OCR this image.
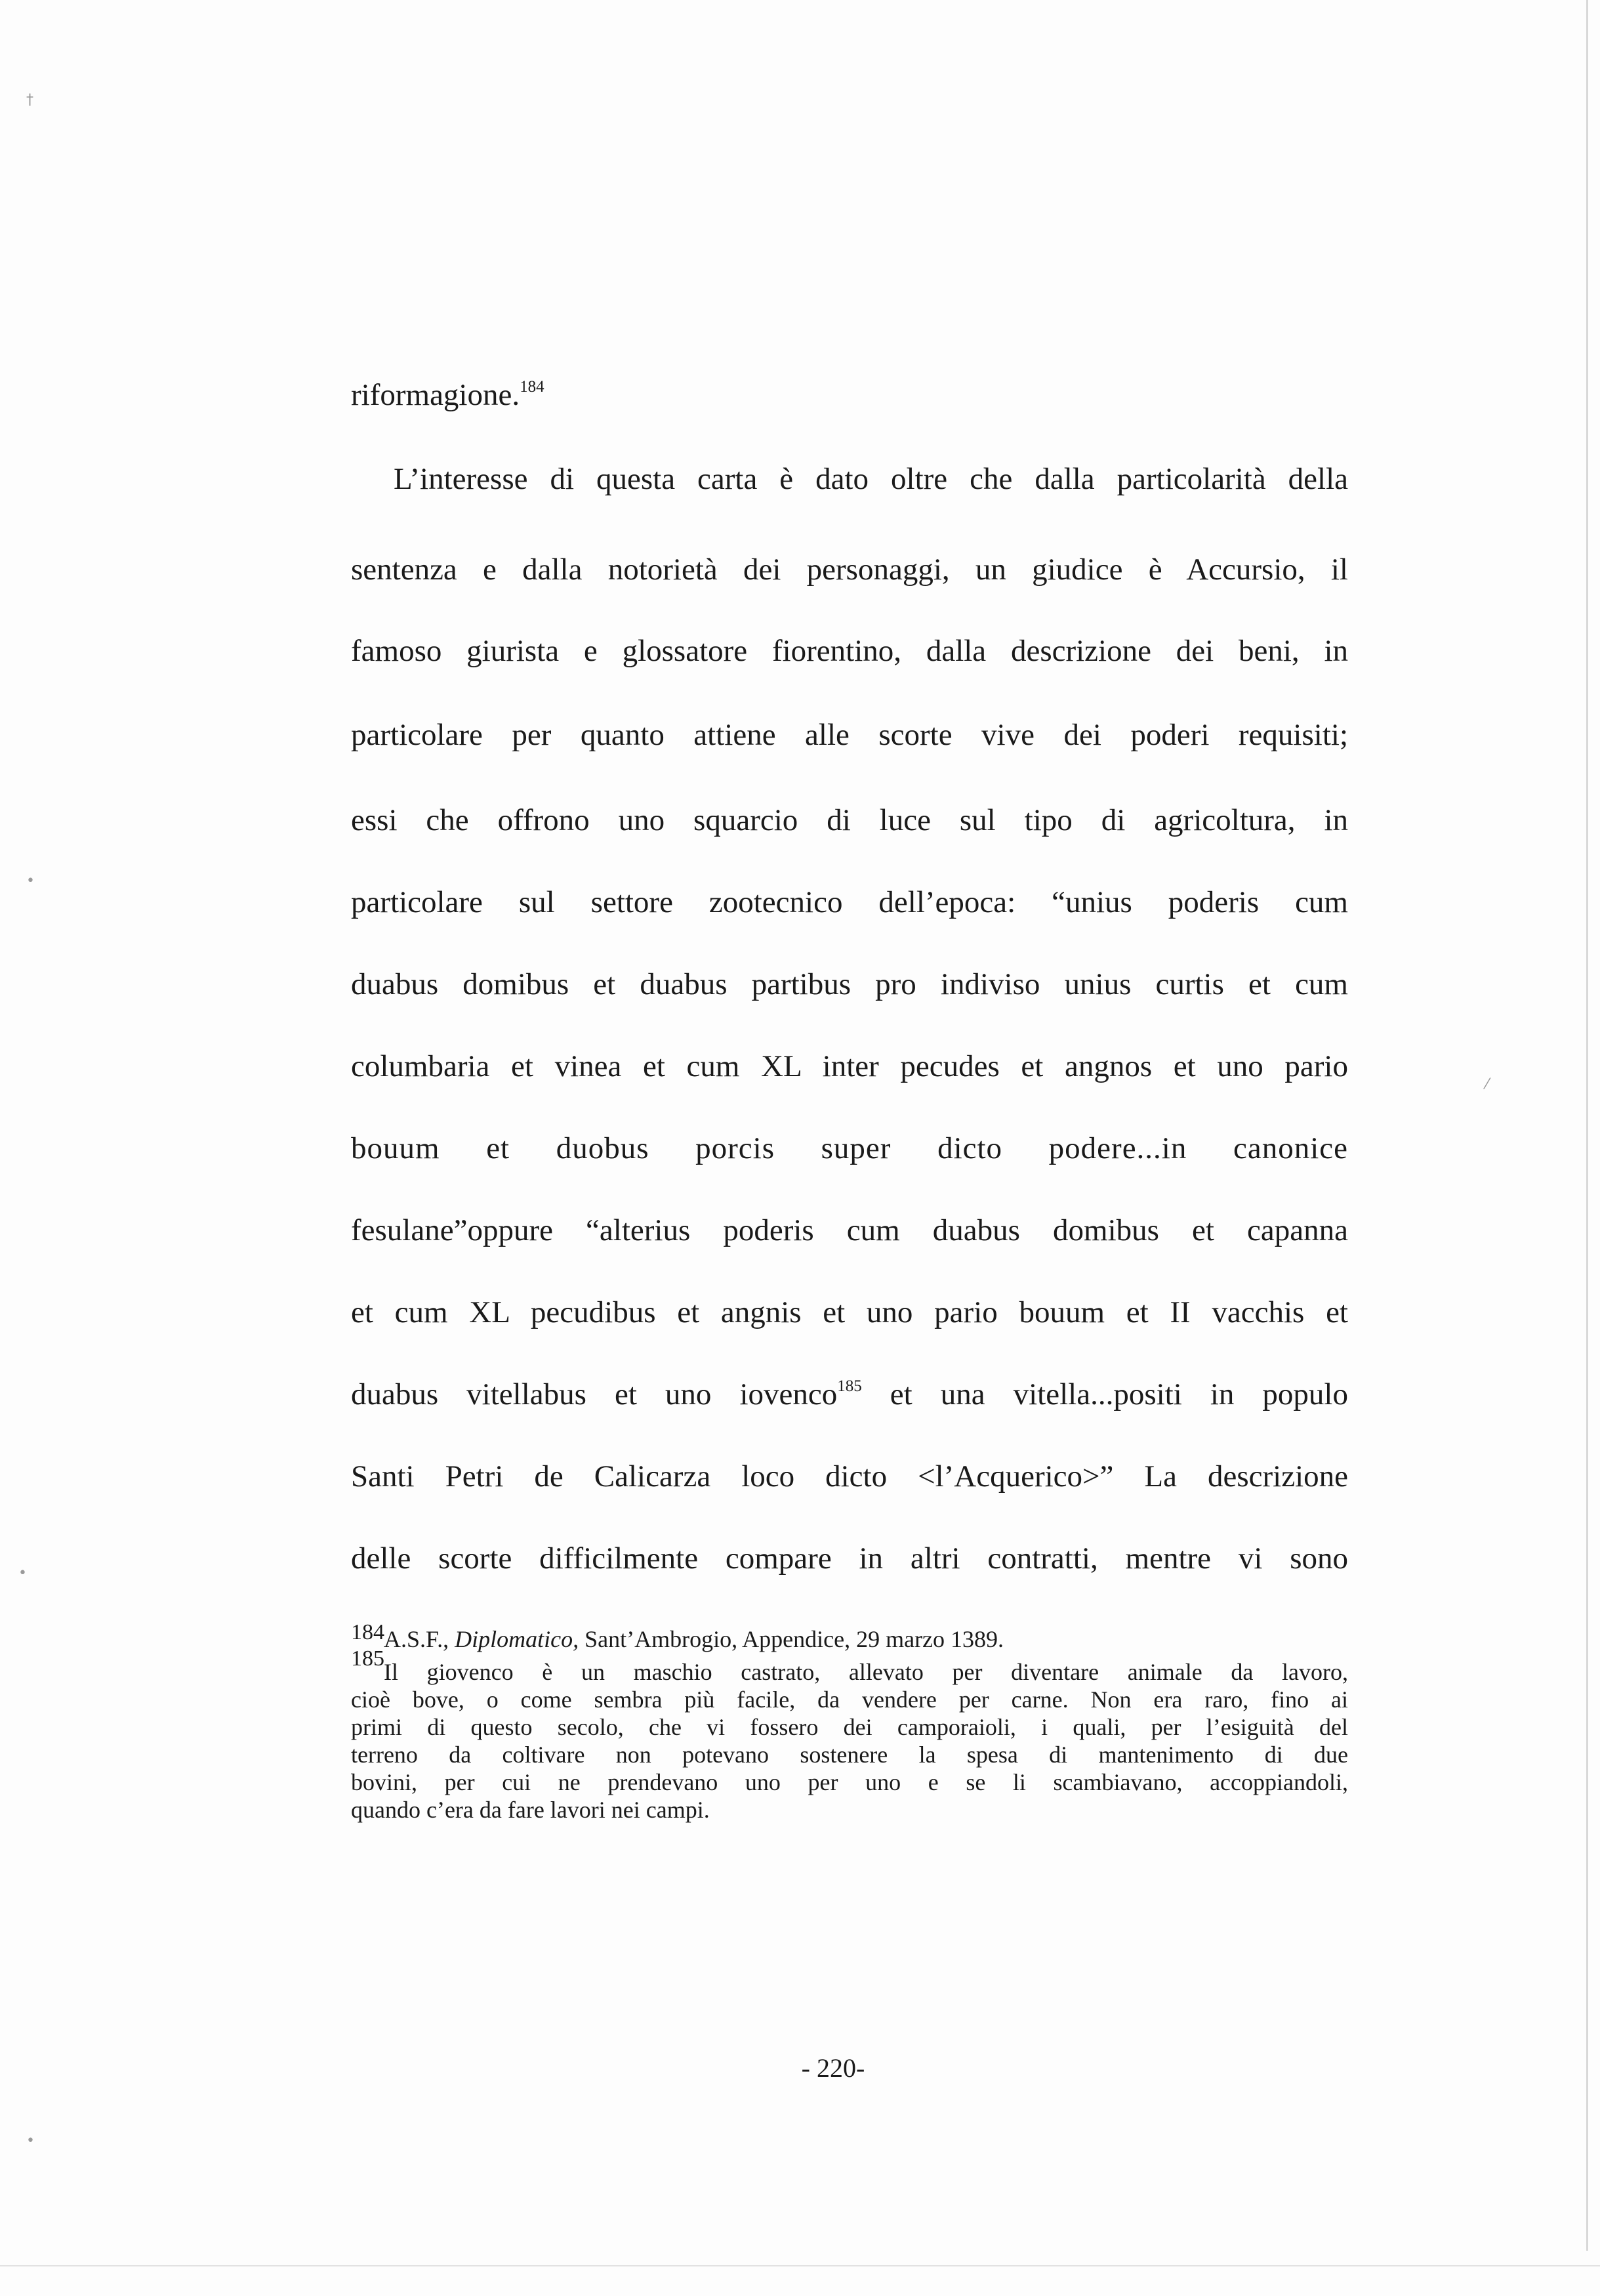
†
•
•
•
⁄
riformagione.$^{184}$
L’interesse di questa carta è dato oltre che dalla particolarità della
sentenza e dalla notorietà dei personaggi, un giudice è Accursio, il
famoso giurista e glossatore fiorentino, dalla descrizione dei beni, in
particolare per quanto attiene alle scorte vive dei poderi requisiti;
essi che offrono uno squarcio di luce sul tipo di agricoltura, in
particolare sul settore zootecnico dell’epoca: “unius poderis cum
duabus domibus et duabus partibus pro indiviso unius curtis et cum
columbaria et vinea et cum XL inter pecudes et angnos et uno pario
bouum et duobus porcis super dicto podere...in canonice
fesulane”oppure “alterius poderis cum duabus domibus et capanna
et cum XL pecudibus et angnis et uno pario bouum et II vacchis et
duabus vitellabus et uno iovenco$^{185}$ et una vitella...positi in populo
Santi Petri de Calicarza loco dicto <l’Acquerico>” La descrizione
delle scorte difficilmente compare in altri contratti, mentre vi sono
184 A.S.F., Diplomatico, Sant’Ambrogio, Appendice, 29 marzo 1389.
185
Il giovenco è un maschio castrato, allevato per diventare animale da lavoro,
cioè bove, o come sembra più facile, da vendere per carne. Non era raro, fino ai
primi di questo secolo, che vi fossero dei camporaioli, i quali, per l’esiguità del
terreno da coltivare non potevano sostenere la spesa di mantenimento di due
bovini, per cui ne prendevano uno per uno e se li scambiavano, accoppiandoli,
quando c’era da fare lavori nei campi.
- 220-
